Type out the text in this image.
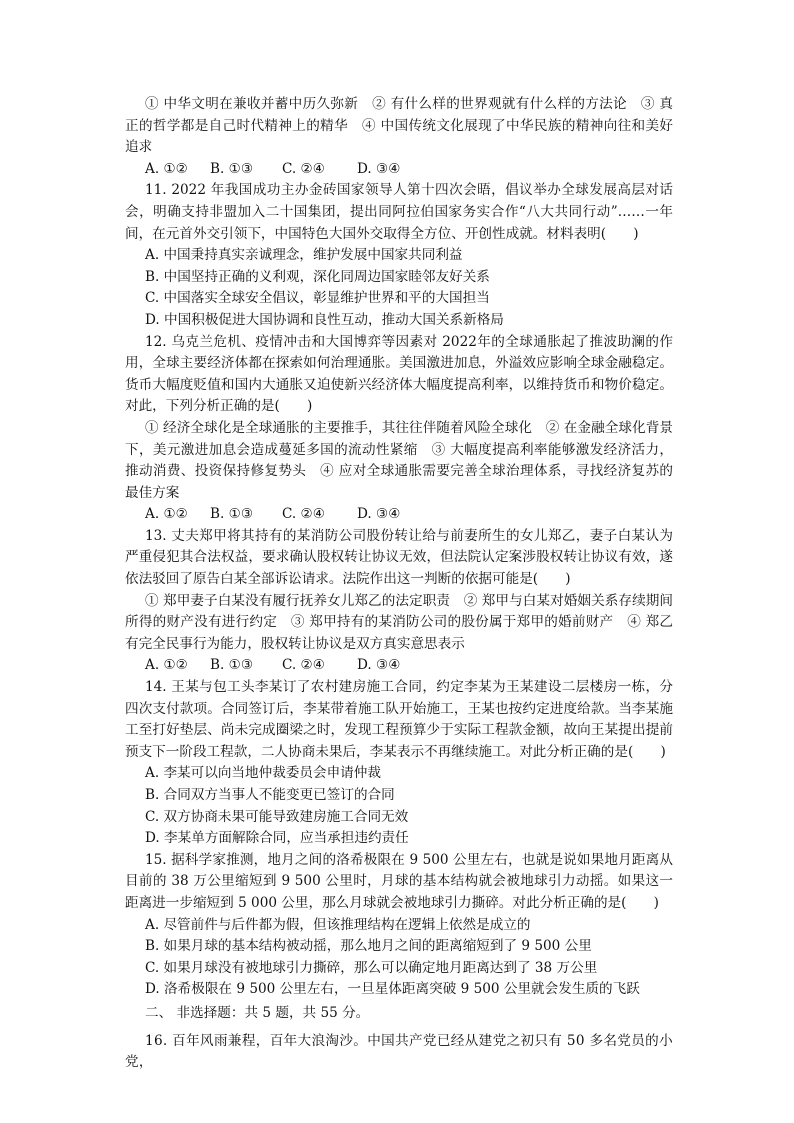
① 中华文明在兼收并蓄中历久弥新　② 有什么样的世界观就有什么样的方法论　③ 真正的哲学都是自己时代精神上的精华　④ 中国传统文化展现了中华民族的精神向往和美好追求

A. ①② B. ①③ C. ②④ D. ③④

11. 2022 年我国成功主办金砖国家领导人第十四次会晤，倡议举办全球发展高层对话会，明确支持非盟加入二十国集团，提出同阿拉伯国家务实合作“八大共同行动”……一年间，在元首外交引领下，中国特色大国外交取得全方位、开创性成就。材料表明(　　)

A. 中国秉持真实亲诚理念，维护发展中国家共同利益

B. 中国坚持正确的义利观，深化同周边国家睦邻友好关系

C. 中国落实全球安全倡议，彰显维护世界和平的大国担当

D. 中国积极促进大国协调和良性互动，推动大国关系新格局

12. 乌克兰危机、疫情冲击和大国博弈等因素对 2022年的全球通胀起了推波助澜的作用，全球主要经济体都在探索如何治理通胀。美国激进加息，外溢效应影响全球金融稳定。货币大幅度贬值和国内大通胀又迫使新兴经济体大幅度提高利率，以维持货币和物价稳定。对此，下列分析正确的是(　　)

① 经济全球化是全球通胀的主要推手，其往往伴随着风险全球化　② 在金融全球化背景下，美元激进加息会造成蔓延多国的流动性紧缩　③ 大幅度提高利率能够激发经济活力，推动消费、投资保持修复势头　④ 应对全球通胀需要完善全球治理体系，寻找经济复苏的最佳方案

A. ①② B. ①③ C. ②④ D. ③④

13. 丈夫郑甲将其持有的某消防公司股份转让给与前妻所生的女儿郑乙，妻子白某认为严重侵犯其合法权益，要求确认股权转让协议无效，但法院认定案涉股权转让协议有效，遂依法驳回了原告白某全部诉讼请求。法院作出这一判断的依据可能是(　　)

① 郑甲妻子白某没有履行抚养女儿郑乙的法定职责　② 郑甲与白某对婚姻关系存续期间所得的财产没有进行约定　③ 郑甲持有的某消防公司的股份属于郑甲的婚前财产　④ 郑乙有完全民事行为能力，股权转让协议是双方真实意思表示

A. ①② B. ①③ C. ②④ D. ③④

14. 王某与包工头李某订了农村建房施工合同，约定李某为王某建设二层楼房一栋，分四次支付款项。合同签订后，李某带着施工队开始施工，王某也按约定进度给款。当李某施工至打好垫层、尚未完成圈梁之时，发现工程预算少于实际工程款金额，故向王某提出提前预支下一阶段工程款，二人协商未果后，李某表示不再继续施工。对此分析正确的是(　　)

A. 李某可以向当地仲裁委员会申请仲裁

B. 合同双方当事人不能变更已签订的合同

C. 双方协商未果可能导致建房施工合同无效

D. 李某单方面解除合同，应当承担违约责任

15. 据科学家推测，地月之间的洛希极限在 9 500 公里左右，也就是说如果地月距离从目前的 38 万公里缩短到 9 500 公里时，月球的基本结构就会被地球引力动摇。如果这一距离进一步缩短到 5 000 公里，那么月球就会被地球引力撕碎。对此分析正确的是(　　)

A. 尽管前件与后件都为假，但该推理结构在逻辑上依然是成立的

B. 如果月球的基本结构被动摇，那么地月之间的距离缩短到了 9 500 公里

C. 如果月球没有被地球引力撕碎，那么可以确定地月距离达到了 38 万公里

D. 洛希极限在 9 500 公里左右，一旦星体距离突破 9 500 公里就会发生质的飞跃

二、 非选择题：共 5 题，共 55 分。

16. 百年风雨兼程，百年大浪淘沙。中国共产党已经从建党之初只有 50 多名党员的小党，
